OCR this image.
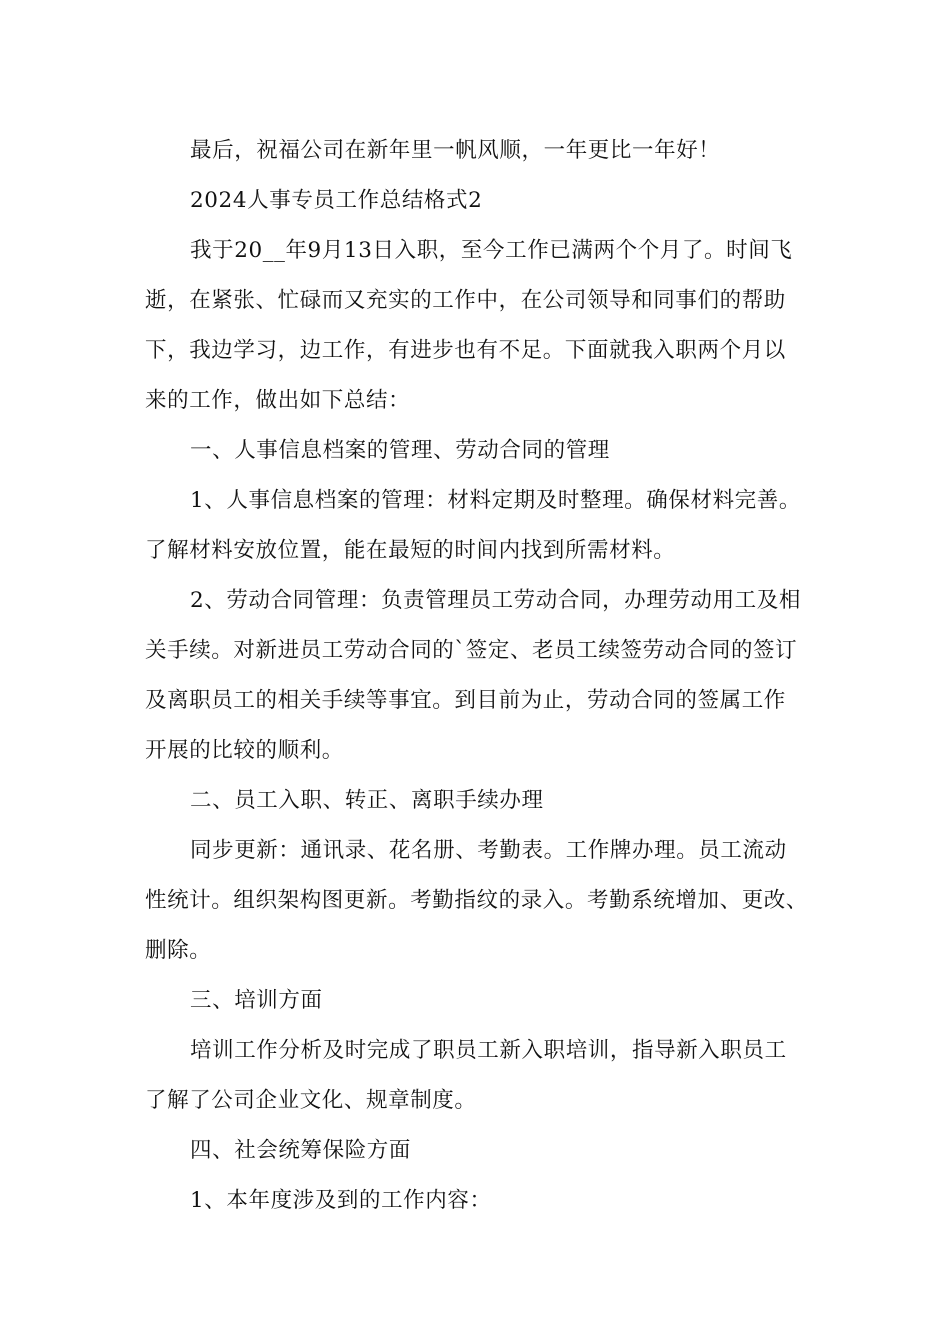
最后，祝福公司在新年里一帆风顺，一年更比一年好！
2024人事专员工作总结格式2
我于20__年9月13日入职，至今工作已满两个个月了。时间飞
逝，在紧张、忙碌而又充实的工作中，在公司领导和同事们的帮助
下，我边学习，边工作，有进步也有不足。下面就我入职两个月以
来的工作，做出如下总结：
一、人事信息档案的管理、劳动合同的管理
1、人事信息档案的管理：材料定期及时整理。确保材料完善。
了解材料安放位置，能在最短的时间内找到所需材料。
2、劳动合同管理：负责管理员工劳动合同，办理劳动用工及相
关手续。对新进员工劳动合同的`签定、老员工续签劳动合同的签订
及离职员工的相关手续等事宜。到目前为止，劳动合同的签属工作
开展的比较的顺利。
二、员工入职、转正、离职手续办理
同步更新：通讯录、花名册、考勤表。工作牌办理。员工流动
性统计。组织架构图更新。考勤指纹的录入。考勤系统增加、更改、
删除。
三、培训方面
培训工作分析及时完成了职员工新入职培训，指导新入职员工
了解了公司企业文化、规章制度。
四、社会统筹保险方面
1、本年度涉及到的工作内容：
